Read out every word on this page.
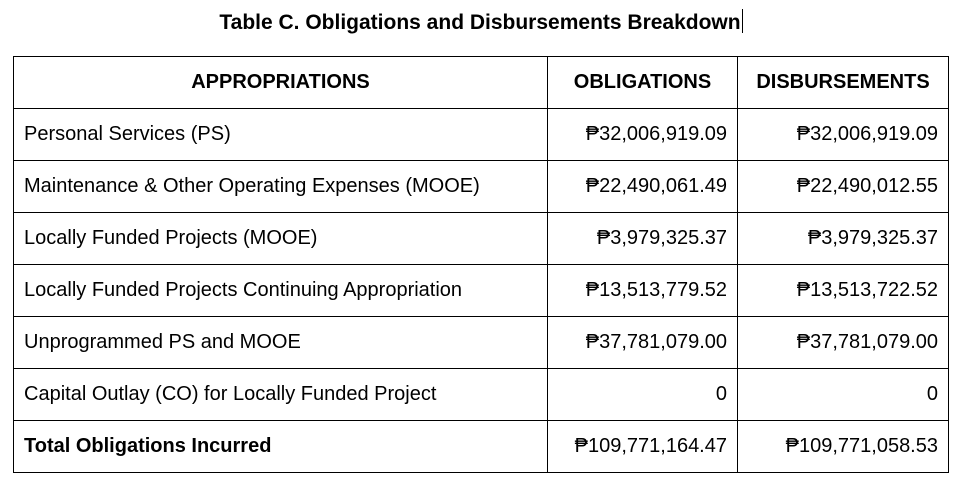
Table C. Obligations and Disbursements Breakdown
APPROPRIATIONS	OBLIGATIONS	DISBURSEMENTS
Personal Services (PS)	₱32,006,919.09	₱32,006,919.09
Maintenance & Other Operating Expenses (MOOE)	₱22,490,061.49	₱22,490,012.55
Locally Funded Projects (MOOE)	₱3,979,325.37	₱3,979,325.37
Locally Funded Projects Continuing Appropriation	₱13,513,779.52	₱13,513,722.52
Unprogrammed PS and MOOE	₱37,781,079.00	₱37,781,079.00
Capital Outlay (CO) for Locally Funded Project	0	0
Total Obligations Incurred	₱109,771,164.47	₱109,771,058.53
